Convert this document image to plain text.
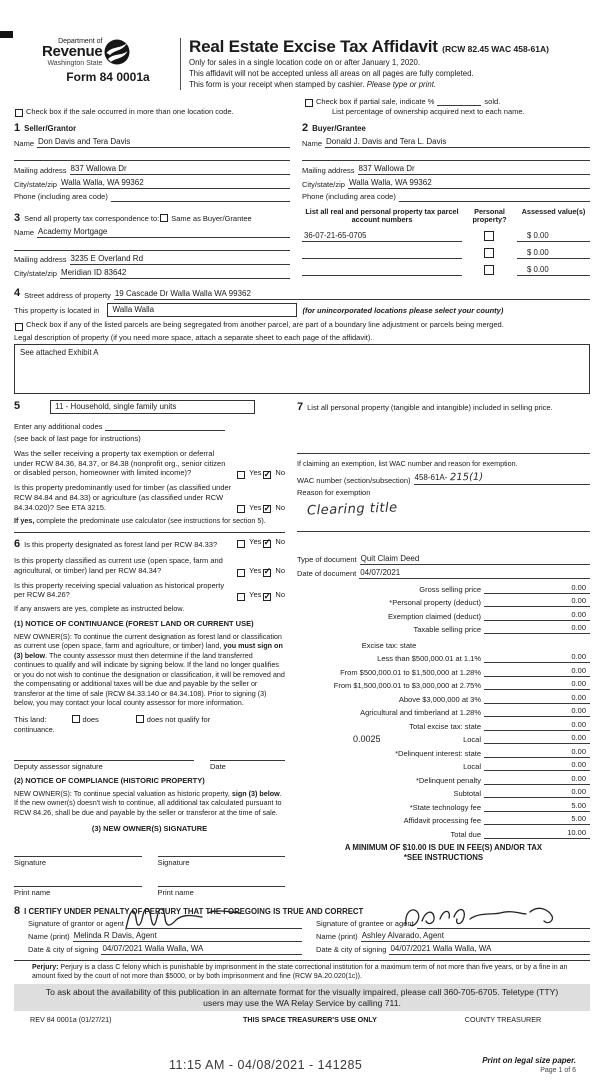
Department of
Revenue
Washington State
Form 84 0001a
Real Estate Excise Tax Affidavit (RCW 82.45 WAC 458-61A)
Only for sales in a single location code on or after January 1, 2020.
This affidavit will not be accepted unless all areas on all pages are fully completed.
This form is your receipt when stamped by cashier. Please type or print.
Check box if the sale occurred in more than one location code.
Check box if partial sale, indicate %	sold.
List percentage of ownership acquired next to each name.
1 Seller/Grantor
Name Don Davis and Tera Davis
Mailing address 837 Wallowa Dr
City/state/zip Walla Walla, WA 99362
Phone (including area code)
3 Send all property tax correspondence to: Same as Buyer/Grantee
Name Academy Mortgage
Mailing address 3235 E Overland Rd
City/state/zip Meridian ID 83642
2 Buyer/Grantee
Name Donald J. Davis and Tera L. Davis
Mailing address 837 Wallowa Dr
City/state/zip Walla Walla, WA 99362
Phone (including area code)
List all real and personal property tax parcel account numbers
Personal property?
Assessed value(s)
36-07-21-65-0705	$ 0.00
$ 0.00
$ 0.00
4 Street address of property 19 Cascade Dr Walla Walla WA 99362
This property is located in	Walla Walla	(for unincorporated locations please select your county)
Check box if any of the listed parcels are being segregated from another parcel, are part of a boundary line adjustment or parcels being merged.
Legal description of property (if you need more space, attach a separate sheet to each page of the affidavit).
See attached Exhibit A
5	11 - Household, single family units
Enter any additional codes
(see back of last page for instructions)
Was the seller receiving a property tax exemption or deferral under RCW 84.36, 84.37, or 84.38 (nonprofit org., senior citizen or disabled person, homeowner with limited income)?	Yes ✓ No
Is this property predominantly used for timber (as classified under RCW 84.84 and 84.33) or agriculture (as classified under RCW 84.34.020)? See ETA 3215.	Yes ✓ No
If yes, complete the predominate use calculator (see instructions for section 5).
6 Is this property designated as forest land per RCW 84.33?	Yes ✓ No
Is this property classified as current use (open space, farm and agricultural, or timber) land per RCW 84.34?	Yes ✓ No
Is this property receiving special valuation as historical property per RCW 84.26?	Yes ✓ No
If any answers are yes, complete as instructed below.
(1) NOTICE OF CONTINUANCE (FOREST LAND OR CURRENT USE)
NEW OWNER(S): To continue the current designation as forest land or classification as current use (open space, farm and agriculture, or timber) land, you must sign on (3) below. The county assessor must then determine if the land transferred continues to qualify and will indicate by signing below. If the land no longer qualifies or you do not wish to continue the designation or classification, it will be removed and the compensating or additional taxes will be due and payable by the seller or transferor at the time of sale (RCW 84.33.140 or 84.34.108). Prior to signing (3) below, you may contact your local county assessor for more information.
This land:	does	does not qualify for
continuance.
Deputy assessor signature	Date
(2) NOTICE OF COMPLIANCE (HISTORIC PROPERTY)
NEW OWNER(S): To continue special valuation as historic property, sign (3) below. If the new owner(s) doesn't wish to continue, all additional tax calculated pursuant to RCW 84.26, shall be due and payable by the seller or transferor at the time of sale.
(3) NEW OWNER(S) SIGNATURE
Signature	Signature
Print name	Print name
7 List all personal property (tangible and intangible) included in selling price.
If claiming an exemption, list WAC number and reason for exemption.
WAC number (section/subsection) 458-61A- 215(1)
Reason for exemption
Clearing title
Type of document Quit Claim Deed
Date of document 04/07/2021
Gross selling price	0.00
*Personal property (deduct)	0.00
Exemption claimed (deduct)	0.00
Taxable selling price	0.00
Excise tax: state
Less than $500,000.01 at 1.1%	0.00
From $500,000.01 to $1,500,000 at 1.28%	0.00
From $1,500,000.01 to $3,000,000 at 2.75%	0.00
Above $3,000,000 at 3%	0.00
Agricultural and timberland at 1.28%	0.00
Total excise tax: state	0.00
0.0025	Local	0.00
*Delinquent interest: state	0.00
Local	0.00
*Delinquent penalty	0.00
Subtotal	0.00
*State technology fee	5.00
Affidavit processing fee	5.00
Total due	10.00
A MINIMUM OF $10.00 IS DUE IN FEE(S) AND/OR TAX
*SEE INSTRUCTIONS
8 I CERTIFY UNDER PENALTY OF PERJURY THAT THE FOREGOING IS TRUE AND CORRECT
Signature of grantor or agent
Name (print) Melinda R Davis, Agent
Date & city of signing 04/07/2021 Walla Walla, WA
Signature of grantee or agent
Name (print) Ashley Alvarado, Agent
Date & city of signing 04/07/2021 Walla Walla, WA
Perjury: Perjury is a class C felony which is punishable by imprisonment in the state correctional institution for a maximum term of not more than five years, or by a fine in an amount fixed by the court of not more than $5000, or by both imprisonment and fine (RCW 9A.20.020(1c)).
To ask about the availability of this publication in an alternate format for the visually impaired, please call 360-705-6705. Teletype (TTY) users may use the WA Relay Service by calling 711.
REV 84 0001a (01/27/21)	THIS SPACE TREASURER'S USE ONLY	COUNTY TREASURER
Print on legal size paper.
Page 1 of 6
11:15 AM - 04/08/2021 - 141285
